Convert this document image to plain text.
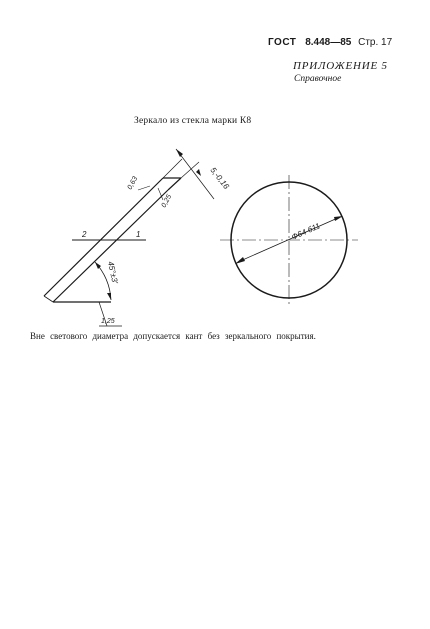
ГОСТ 8.448—85 Стр. 17
ПРИЛОЖЕНИЕ 5
Справочное
Зеркало из стекла марки К8
5,-0,16
0,63
0,25
45°±3'
2	1
1,25
Ф64 б11
Вне светового диаметра допускается кант без зеркального покрытия.
